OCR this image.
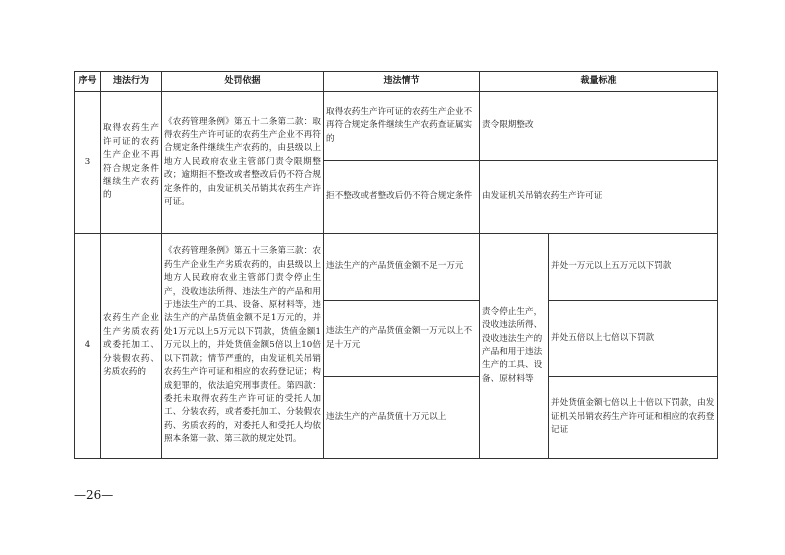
序号	违法行为	处罚依据	违法情节	裁量标准	
3	取得农药生产许可证的农药生产企业不再符合规定条件继续生产农药的	《农药管理条例》第五十二条第二款：取得农药生产许可证的农药生产企业不再符合规定条件继续生产农药的，由县级以上地方人民政府农业主管部门责令限期整改；逾期拒不整改或者整改后仍不符合规定条件的，由发证机关吊销其农药生产许可证。	取得农药生产许可证的农药生产企业不再符合规定条件继续生产农药查证属实的	责令限期整改	
			拒不整改或者整改后仍不符合规定条件	由发证机关吊销农药生产许可证	
4	农药生产企业生产劣质农药或委托加工、分装假农药、劣质农药的	《农药管理条例》第五十三条第三款：农药生产企业生产劣质农药的，由县级以上地方人民政府农业主管部门责令停止生产，没收违法所得、违法生产的产品和用于违法生产的工具、设备、原材料等，违法生产的产品货值金额不足1万元的，并处1万元以上5万元以下罚款，货值金额1万元以上的，并处货值金额5倍以上10倍以下罚款；情节严重的，由发证机关吊销农药生产许可证和相应的农药登记证；构成犯罪的，依法追究刑事责任。第四款：委托未取得农药生产许可证的受托人加工、分装农药，或者委托加工、分装假农药、劣质农药的，对委托人和受托人均依照本条第一款、第三款的规定处罚。	违法生产的产品货值金额不足一万元	责令停止生产，没收违法所得、没收违法生产的产品和用于违法生产的工具、设备、原材料等	并处一万元以上五万元以下罚款
			违法生产的产品货值金额一万元以上不足十万元		并处五倍以上七倍以下罚款
			违法生产的产品货值十万元以上		并处货值金额七倍以上十倍以下罚款，由发证机关吊销农药生产许可证和相应的农药登记证
—26—
